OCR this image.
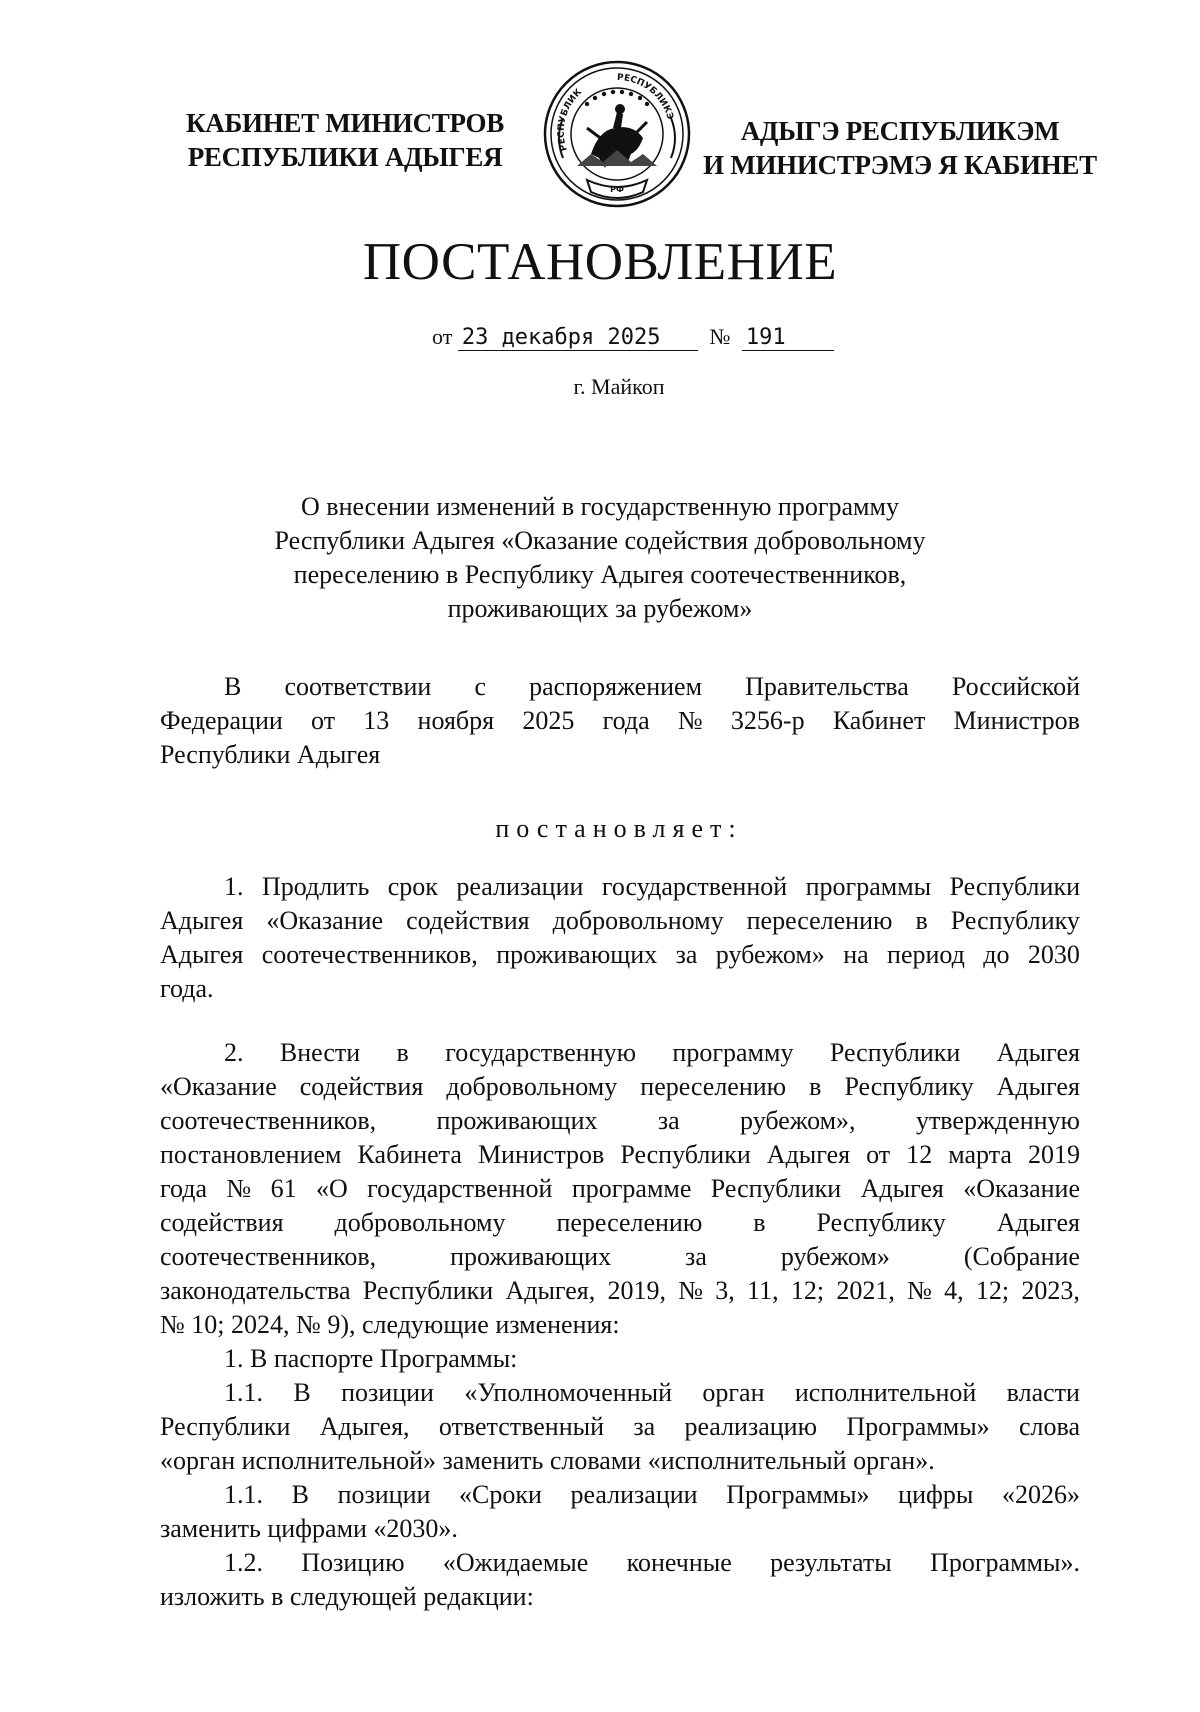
КАБИНЕТ МИНИСТРОВ
РЕСПУБЛИКИ АДЫГЕЯ	РЕСПУБЛИК
РЕСПУБЛИКЭ
РФ
АДЫГЭ РЕСПУБЛИКЭМ
И МИНИСТРЭМЭ Я КАБИНЕТ
ПОСТАНОВЛЕНИЕ
от 23 декабря 2025 № 191
г. Майкоп
О внесении изменений в государственную программу
Республики Адыгея «Оказание содействия добровольному
переселению в Республику Адыгея соотечественников,
проживающих за рубежом»
В соответствии с распоряжением Правительства Российской
Федерации от 13 ноября 2025 года № 3256-р Кабинет Министров
Республики Адыгея
постановляет:
1. Продлить срок реализации государственной программы Республики
Адыгея «Оказание содействия добровольному переселению в Республику
Адыгея соотечественников, проживающих за рубежом» на период до 2030
года.
2. Внести в государственную программу Республики Адыгея
«Оказание содействия добровольному переселению в Республику Адыгея
соотечественников, проживающих за рубежом», утвержденную
постановлением Кабинета Министров Республики Адыгея от 12 марта 2019
года № 61 «О государственной программе Республики Адыгея «Оказание
содействия добровольному переселению в Республику Адыгея
соотечественников,	проживающих	за	рубежом»	(Собрание
законодательства Республики Адыгея, 2019, № 3, 11, 12; 2021, № 4, 12; 2023,
№ 10; 2024, № 9), следующие изменения:
1. В паспорте Программы:
1.1. В позиции «Уполномоченный орган исполнительной власти
Республики Адыгея, ответственный за реализацию Программы» слова
«орган исполнительной» заменить словами «исполнительный орган».
1.1. В позиции «Сроки реализации Программы» цифры «2026»
заменить цифрами «2030».
1.2. Позицию «Ожидаемые конечные результаты Программы».
изложить в следующей редакции:
